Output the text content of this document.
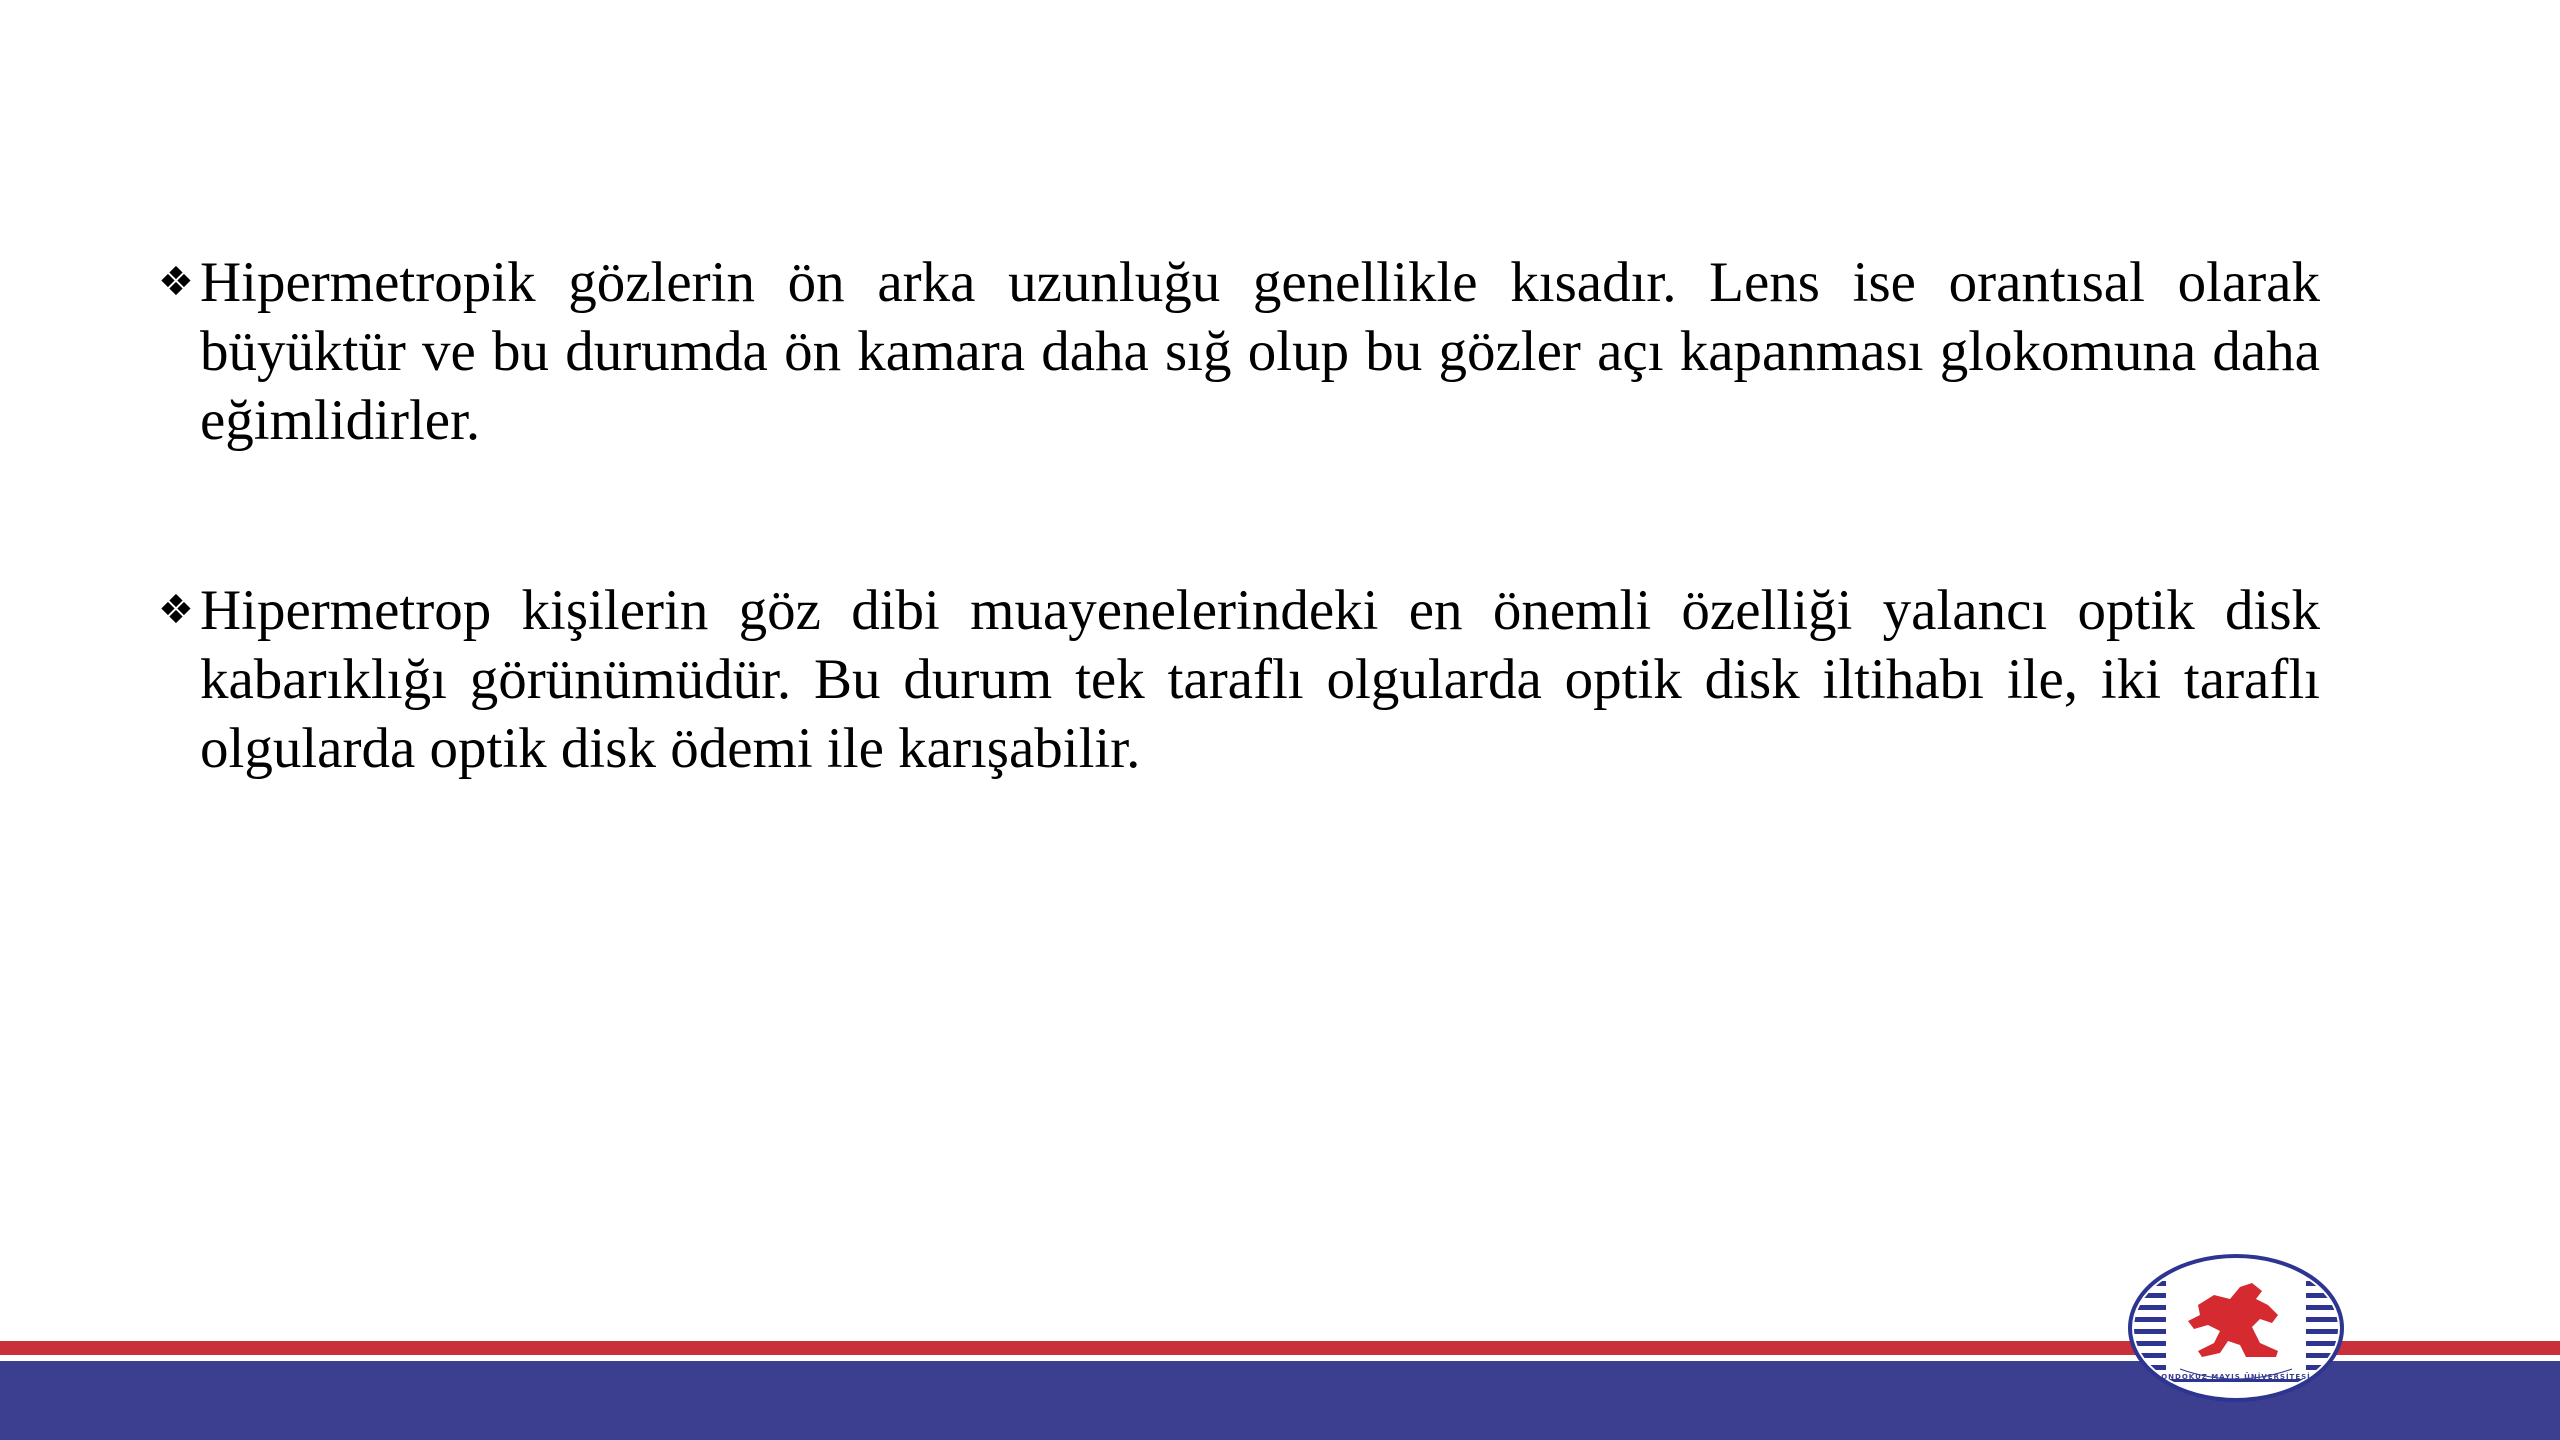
❖ Hipermetropik gözlerin ön arka uzunluğu genellikle kısadır. Lens ise orantısal olarak büyüktür ve bu durumda ön kamara daha sığ olup bu gözler açı kapanması glokomuna daha eğimlidirler.

❖ Hipermetrop kişilerin göz dibi muayenelerindeki en önemli özelliği yalancı optik disk kabarıklığı görünümüdür. Bu durum tek taraflı olgularda optik disk iltihabı ile, iki taraflı olgularda optik disk ödemi ile karışabilir.

ONDOKUZ MAYIS ÜNİVERSİTESİ
